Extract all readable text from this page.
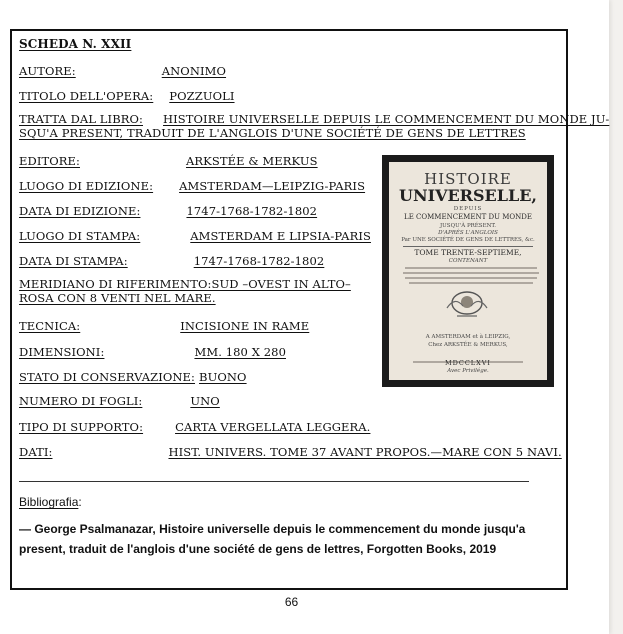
SCHEDA N. XXII
AUTORE:	ANONIMO
TITOLO DELL'OPERA: POZZUOLI
TRATTA DAL LIBRO: HISTOIRE UNIVERSELLE DEPUIS LE COMMENCEMENT DU MONDE JU-
SQU'A PRESENT, TRADUIT DE L'ANGLOIS D'UNE SOCIÉTÉ DE GENS DE LETTRES
EDITORE:	ARKSTÉE & MERKUS
LUOGO DI EDIZIONE: AMSTERDAM—LEIPZIG-PARIS
DATA DI EDIZIONE:	1747-1768-1782-1802
LUOGO DI STAMPA:	AMSTERDAM E LIPSIA-PARIS
DATA DI STAMPA:	1747-1768-1782-1802
MERIDIANO DI RIFERIMENTO:SUD –OVEST IN ALTO–
ROSA CON 8 VENTI NEL MARE.
TECNICA:	INCISIONE IN RAME
DIMENSIONI:	MM. 180 X 280
STATO DI CONSERVAZIONE: BUONO
NUMERO DI FOGLI:	UNO
TIPO DI SUPPORTO:	CARTA VERGELLATA LEGGERA.
DATI:	HIST. UNIVERS. TOME 37 AVANT PROPOS.—MARE CON 5 NAVI.
HISTOIRE
UNIVERSELLE,
DEPUIS
LE COMMENCEMENT DU MONDE
JUSQU'À PRÉSENT.
D'APRÈS L'ANGLOIS
Par UNE SOCIÉTÉ DE GENS DE LETTRES, &c.
TOME TRENTE-SEPTIEME,
CONTENANT
A AMSTERDAM et à LEIPZIG,
Chez ARKSTÉE & MERKUS,
MDCCLXVI
Avec Privilége.
Bibliografia:
— George Psalmanazar, Histoire universelle depuis le commencement du monde jusqu'a present, traduit de l'anglois d'une société de gens de lettres, Forgotten Books, 2019
66
